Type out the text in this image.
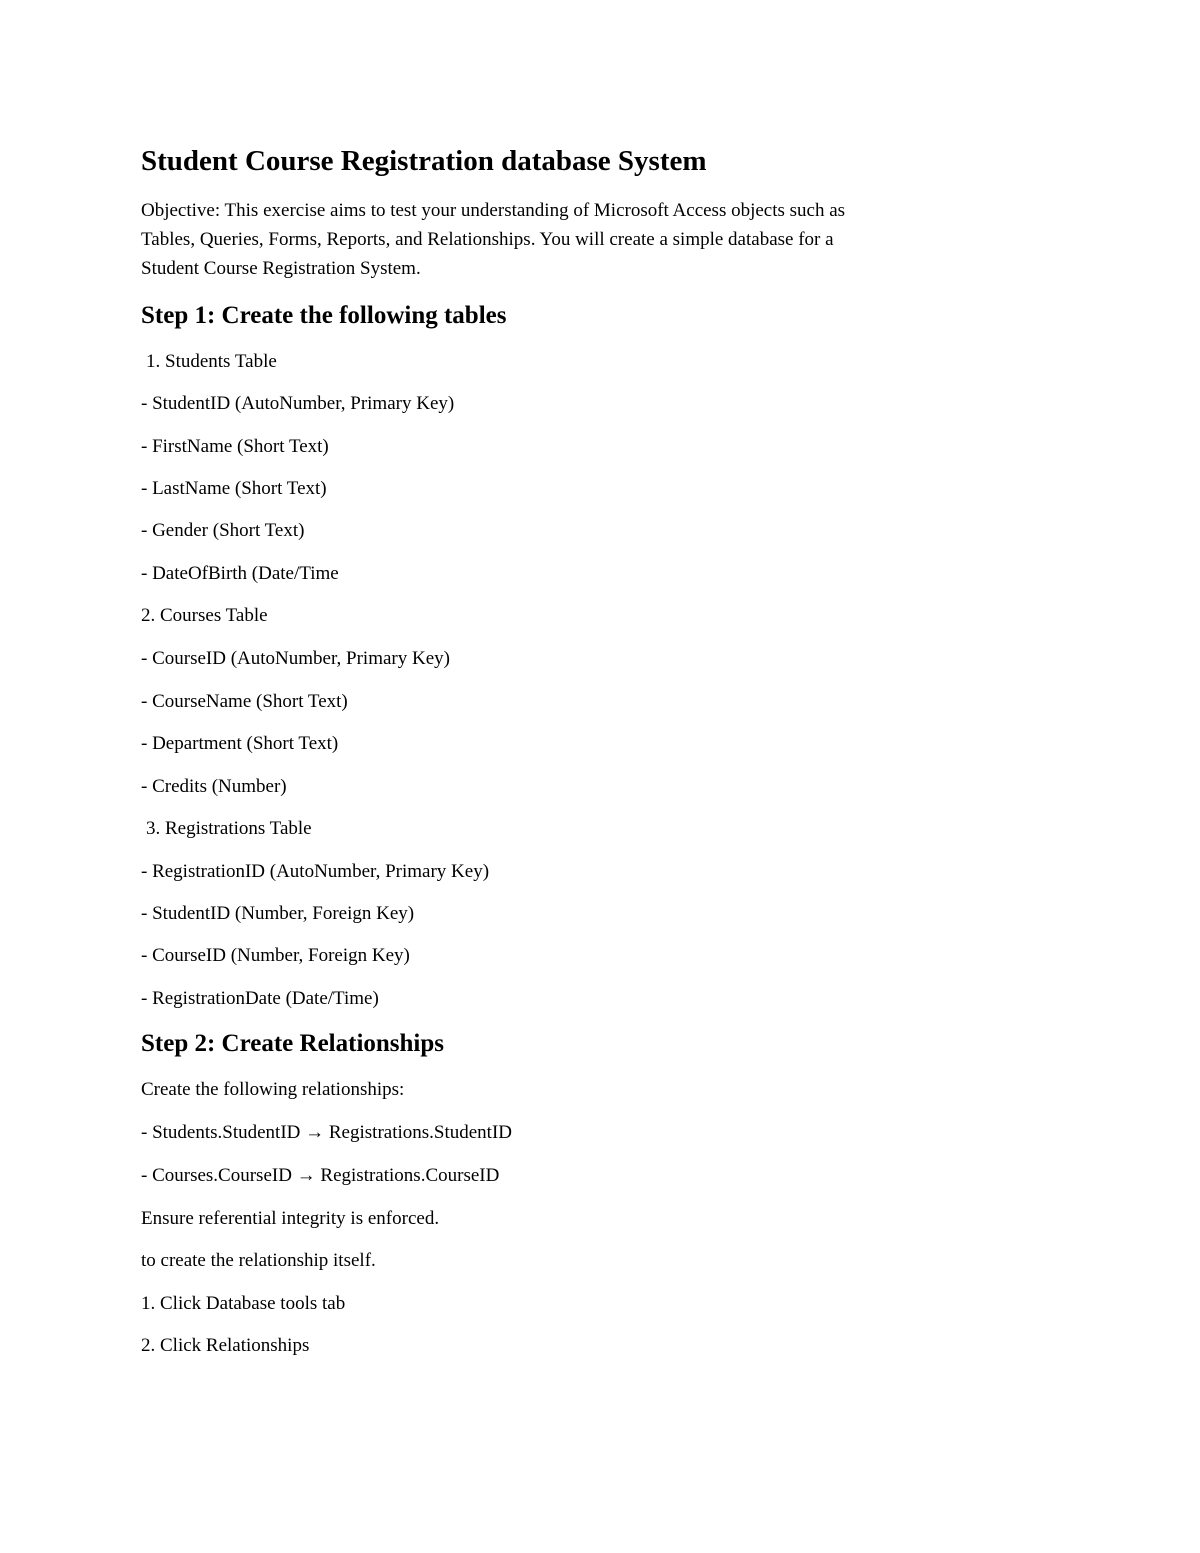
Student Course Registration database System

Objective: This exercise aims to test your understanding of Microsoft Access objects such as

Tables, Queries, Forms, Reports, and Relationships. You will create a simple database for a

Student Course Registration System.

Step 1: Create the following tables

1. Students Table

- StudentID (AutoNumber, Primary Key)

- FirstName (Short Text)

- LastName (Short Text)

- Gender (Short Text)

- DateOfBirth (Date/Time

2. Courses Table

- CourseID (AutoNumber, Primary Key)

- CourseName (Short Text)

- Department (Short Text)

- Credits (Number)

3. Registrations Table

- RegistrationID (AutoNumber, Primary Key)

- StudentID (Number, Foreign Key)

- CourseID (Number, Foreign Key)

- RegistrationDate (Date/Time)

Step 2: Create Relationships

Create the following relationships:

- Students.StudentID → Registrations.StudentID

- Courses.CourseID → Registrations.CourseID

Ensure referential integrity is enforced.

to create the relationship itself.

1. Click Database tools tab

2. Click Relationships
